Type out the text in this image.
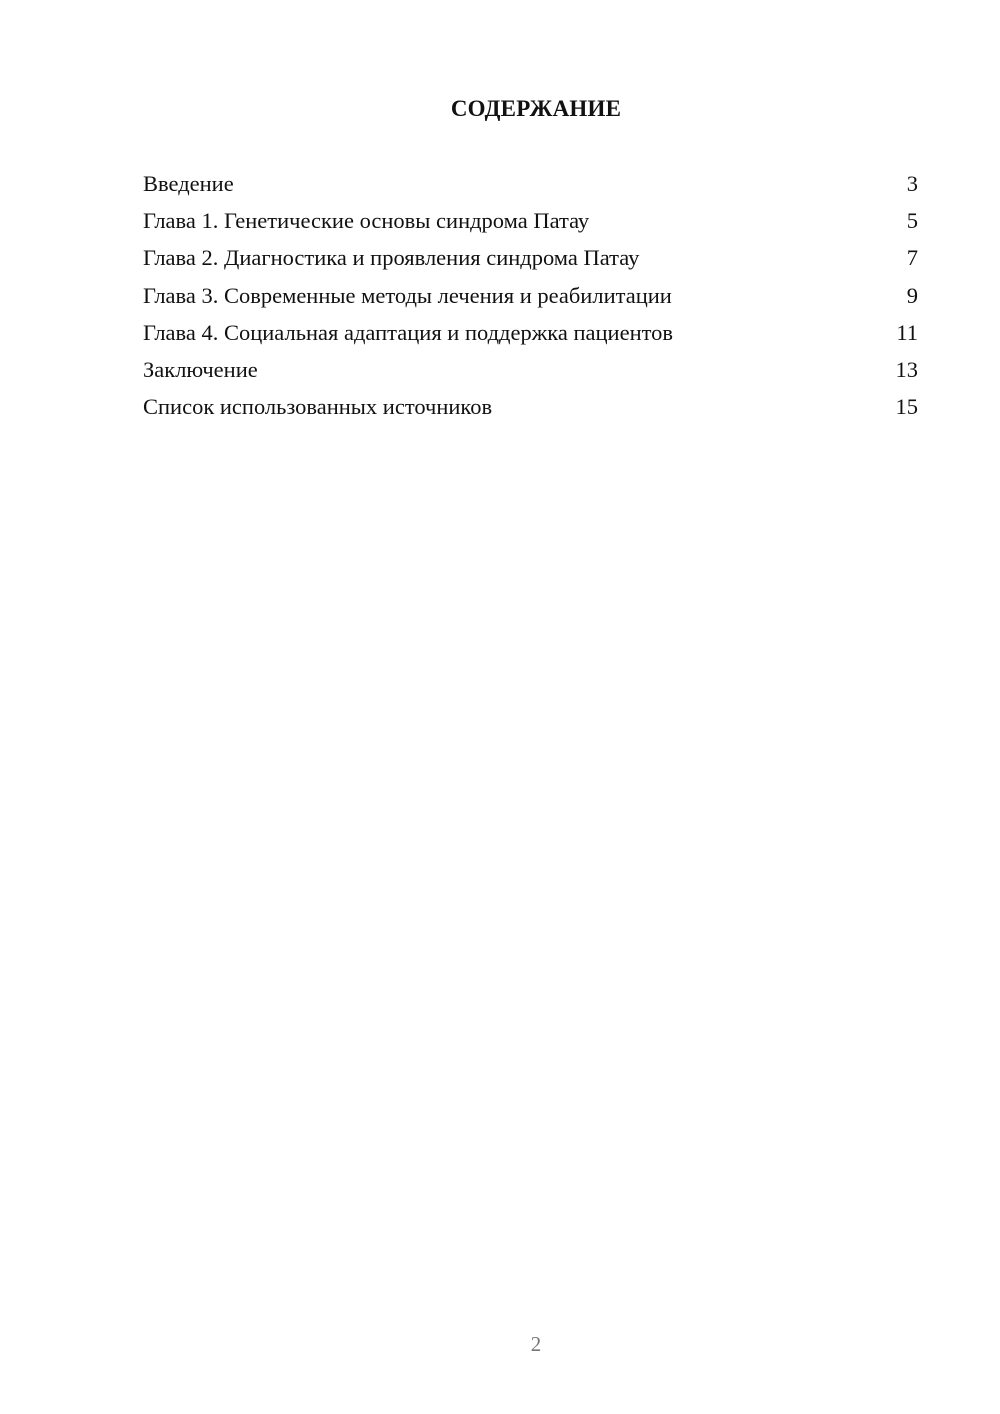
СОДЕРЖАНИЕ
Введение	3
Глава 1. Генетические основы синдрома Патау	5
Глава 2. Диагностика и проявления синдрома Патау	7
Глава 3. Современные методы лечения и реабилитации	9
Глава 4. Социальная адаптация и поддержка пациентов	11
Заключение	13
Список использованных источников	15
2
